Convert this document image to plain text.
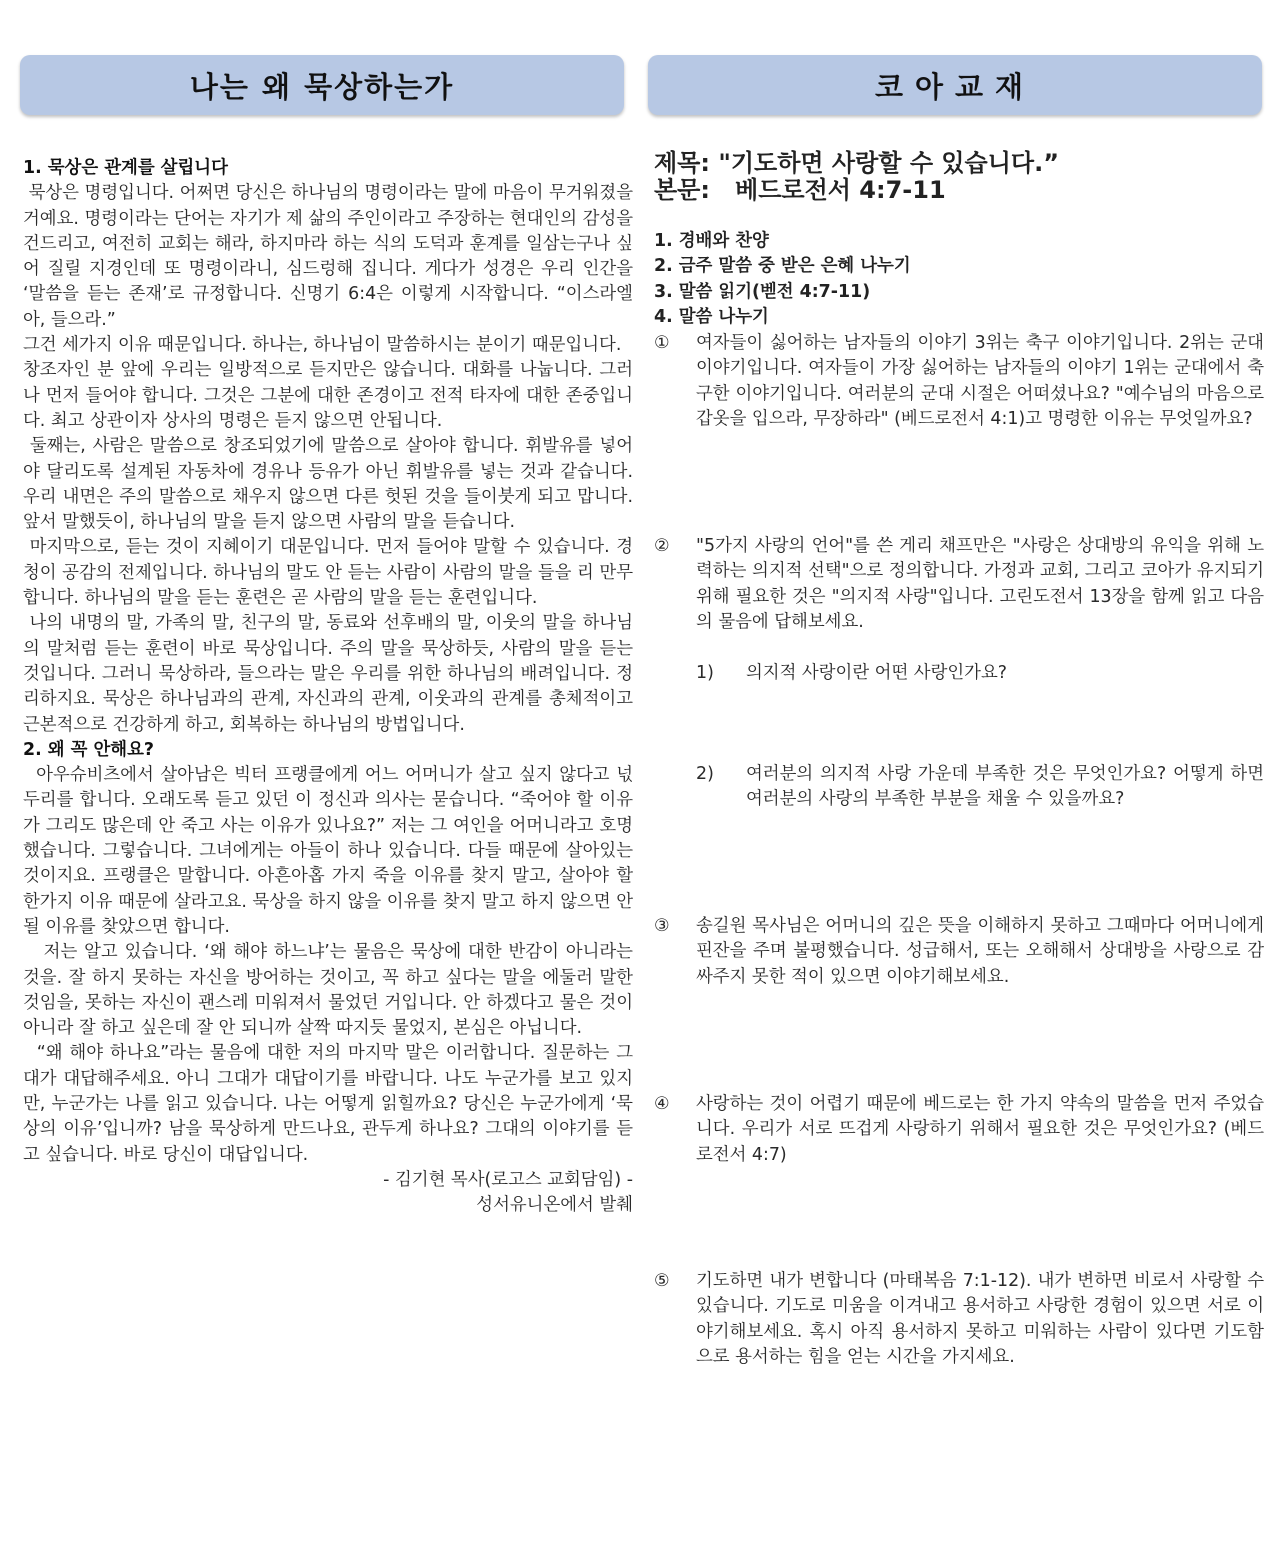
나는 왜 묵상하는가

1. 묵상은 관계를 살립니다

묵상은 명령입니다. 어쩌면 당신은 하나님의 명령이라는 말에 마음이 무거워졌을 거예요. 명령이라는 단어는 자기가 제 삶의 주인이라고 주장하는 현대인의 감성을 건드리고, 여전히 교회는 해라, 하지마라 하는 식의 도덕과 훈계를 일삼는구나 싶어 질릴 지경인데 또 명령이라니, 심드렁해 집니다. 게다가 성경은 우리 인간을 ‘말씀을 듣는 존재’로 규정합니다. 신명기 6:4은 이렇게 시작합니다. “이스라엘아, 들으라.”

그건 세가지 이유 때문입니다. 하나는, 하나님이 말씀하시는 분이기 때문입니다.

창조자인 분 앞에 우리는 일방적으로 듣지만은 않습니다. 대화를 나눕니다. 그러나 먼저 들어야 합니다. 그것은 그분에 대한 존경이고 전적 타자에 대한 존중입니다. 최고 상관이자 상사의 명령은 듣지 않으면 안됩니다.

둘째는, 사람은 말씀으로 창조되었기에 말씀으로 살아야 합니다. 휘발유를 넣어야 달리도록 설계된 자동차에 경유나 등유가 아닌 휘발유를 넣는 것과 같습니다. 우리 내면은 주의 말씀으로 채우지 않으면 다른 헛된 것을 들이붓게 되고 맙니다. 앞서 말했듯이, 하나님의 말을 듣지 않으면 사람의 말을 듣습니다.

마지막으로, 듣는 것이 지혜이기 대문입니다. 먼저 들어야 말할 수 있습니다. 경청이 공감의 전제입니다. 하나님의 말도 안 듣는 사람이 사람의 말을 들을 리 만무합니다. 하나님의 말을 듣는 훈련은 곧 사람의 말을 듣는 훈련입니다.

나의 내명의 말, 가족의 말, 친구의 말, 동료와 선후배의 말, 이웃의 말을 하나님의 말처럼 듣는 훈련이 바로 묵상입니다. 주의 말을 묵상하듯, 사람의 말을 듣는 것입니다. 그러니 묵상하라, 들으라는 말은 우리를 위한 하나님의 배려입니다. 정리하지요. 묵상은 하나님과의 관계, 자신과의 관계, 이웃과의 관계를 총체적이고 근본적으로 건강하게 하고, 회복하는 하나님의 방법입니다.

2. 왜 꼭 안해요?

아우슈비츠에서 살아남은 빅터 프랭클에게 어느 어머니가 살고 싶지 않다고 넋두리를 합니다. 오래도록 듣고 있던 이 정신과 의사는 묻습니다. “죽어야 할 이유가 그리도 많은데 안 죽고 사는 이유가 있나요?” 저는 그 여인을 어머니라고 호명했습니다. 그렇습니다. 그녀에게는 아들이 하나 있습니다. 다들 때문에 살아있는 것이지요. 프랭클은 말합니다. 아흔아홉 가지 죽을 이유를 찾지 말고, 살아야 할 한가지 이유 때문에 살라고요. 묵상을 하지 않을 이유를 찾지 말고 하지 않으면 안 될 이유를 찾았으면 합니다.

저는 알고 있습니다. ‘왜 해야 하느냐’는 물음은 묵상에 대한 반감이 아니라는 것을. 잘 하지 못하는 자신을 방어하는 것이고, 꼭 하고 싶다는 말을 에둘러 말한 것임을, 못하는 자신이 괜스레 미워져서 물었던 거입니다. 안 하겠다고 물은 것이 아니라 잘 하고 싶은데 잘 안 되니까 살짝 따지듯 물었지, 본심은 아닙니다.

“왜 해야 하나요”라는 물음에 대한 저의 마지막 말은 이러합니다. 질문하는 그대가 대답해주세요. 아니 그대가 대답이기를 바랍니다. 나도 누군가를 보고 있지만, 누군가는 나를 읽고 있습니다. 나는 어떻게 읽힐까요? 당신은 누군가에게 ‘묵상의 이유’입니까? 남을 묵상하게 만드나요, 관두게 하나요? 그대의 이야기를 듣고 싶습니다. 바로 당신이 대답입니다.

- 김기현 목사(로고스 교회담임) -

성서유니온에서 발췌

코아교재
제목: "기도하면 사랑할 수 있습니다.”
본문:   베드로전서 4:7-11
1. 경배와 찬양
2. 금주 말씀 중 받은 은혜 나누기
3. 말씀 읽기(벧전 4:7-11)
4. 말씀 나누기
①	여자들이 싫어하는 남자들의 이야기 3위는 축구 이야기입니다. 2위는 군대 이야기입니다. 여자들이 가장 싫어하는 남자들의 이야기 1위는 군대에서 축구한 이야기입니다. 여러분의 군대 시절은 어떠셨나요? "예수님의 마음으로 갑옷을 입으라, 무장하라" (베드로전서 4:1)고 명령한 이유는 무엇일까요?
②	"5가지 사랑의 언어"를 쓴 게리 채프만은 "사랑은 상대방의 유익을 위해 노력하는 의지적 선택"으로 정의합니다. 가정과 교회, 그리고 코아가 유지되기 위해 필요한 것은 "의지적 사랑"입니다. 고린도전서 13장을 함께 읽고 다음의 물음에 답해보세요.
1) 의지적 사랑이란 어떤 사랑인가요?
2) 여러분의 의지적 사랑 가운데 부족한 것은 무엇인가요? 어떻게 하면 여러분의 사랑의 부족한 부분을 채울 수 있을까요?
③	송길원 목사님은 어머니의 깊은 뜻을 이해하지 못하고 그때마다 어머니에게 핀잔을 주며 불평했습니다. 성급해서, 또는 오해해서 상대방을 사랑으로 감싸주지 못한 적이 있으면 이야기해보세요.
④	사랑하는 것이 어렵기 때문에 베드로는 한 가지 약속의 말씀을 먼저 주었습니다. 우리가 서로 뜨겁게 사랑하기 위해서 필요한 것은 무엇인가요? (베드로전서 4:7)
⑤	기도하면 내가 변합니다 (마태복음 7:1-12). 내가 변하면 비로서 사랑할 수 있습니다. 기도로 미움을 이겨내고 용서하고 사랑한 경험이 있으면 서로 이야기해보세요. 혹시 아직 용서하지 못하고 미워하는 사람이 있다면 기도함으로 용서하는 힘을 얻는 시간을 가지세요.
